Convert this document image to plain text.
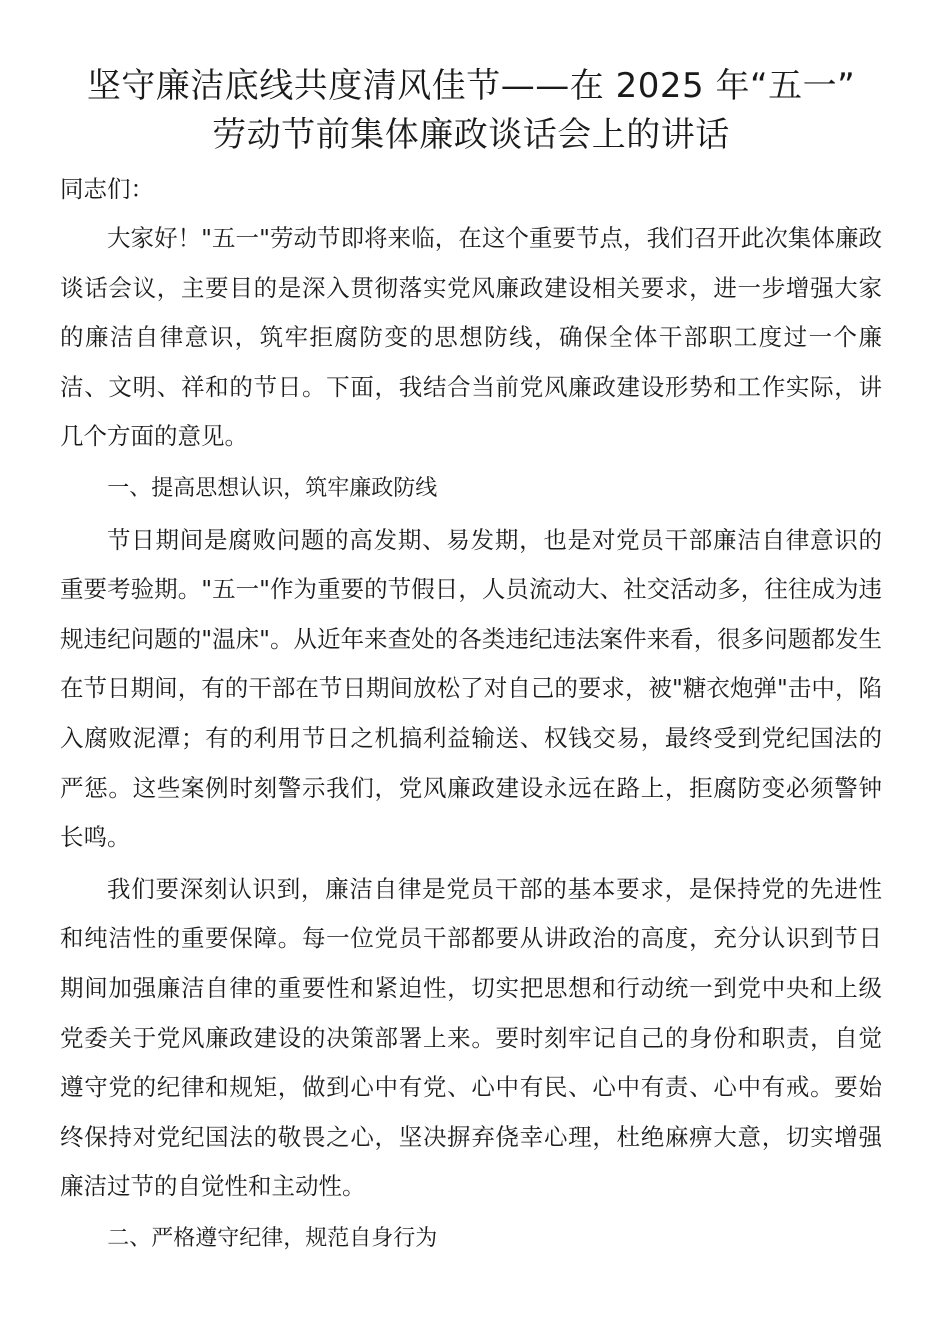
坚守廉洁底线共度清风佳节——在 2025 年“五一”
劳动节前集体廉政谈话会上的讲话

同志们：

大家好！"五一"劳动节即将来临，在这个重要节点，我们召开此次集体廉政谈话会议，主要目的是深入贯彻落实党风廉政建设相关要求，进一步增强大家的廉洁自律意识，筑牢拒腐防变的思想防线，确保全体干部职工度过一个廉洁、文明、祥和的节日。下面，我结合当前党风廉政建设形势和工作实际，讲几个方面的意见。

一、提高思想认识，筑牢廉政防线

节日期间是腐败问题的高发期、易发期，也是对党员干部廉洁自律意识的重要考验期。"五一"作为重要的节假日，人员流动大、社交活动多，往往成为违规违纪问题的"温床"。从近年来查处的各类违纪违法案件来看，很多问题都发生在节日期间，有的干部在节日期间放松了对自己的要求，被"糖衣炮弹"击中，陷入腐败泥潭；有的利用节日之机搞利益输送、权钱交易，最终受到党纪国法的严惩。这些案例时刻警示我们，党风廉政建设永远在路上，拒腐防变必须警钟长鸣。

我们要深刻认识到，廉洁自律是党员干部的基本要求，是保持党的先进性和纯洁性的重要保障。每一位党员干部都要从讲政治的高度，充分认识到节日期间加强廉洁自律的重要性和紧迫性，切实把思想和行动统一到党中央和上级党委关于党风廉政建设的决策部署上来。要时刻牢记自己的身份和职责，自觉遵守党的纪律和规矩，做到心中有党、心中有民、心中有责、心中有戒。要始终保持对党纪国法的敬畏之心，坚决摒弃侥幸心理，杜绝麻痹大意，切实增强廉洁过节的自觉性和主动性。

二、严格遵守纪律，规范自身行为
